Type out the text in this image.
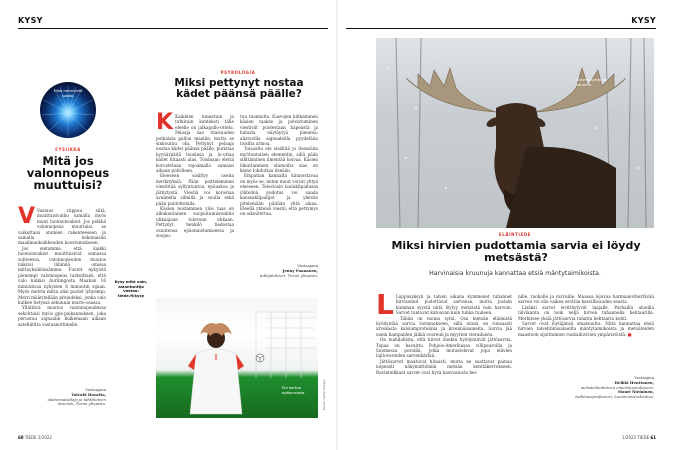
KYSY	KYSY
Mitat mennisivät uusiksi.
FYSIIKKA
Mitä jos valonnopeus muuttuisi?
V Vastaus riippuu siitä, muuttuisivatko samalla myös muut luonnonvakiot. Jos pelkkä valonnopeus muuttuisi, se vaikuttaisi atomien rakenteeseen ja samalla kokonaisiin maailmankaikkeuden koostumukseen.

Jos oletamme, että kaikki luonnonvakiot muuttuisivat samassa suhteessa, valonnopeuden muutos näkyisi lähinnä omissa mittayksiköissämme. Fuotet nykyistä pienempi valonnopeus tarkoittaisi, että valo kulkisi Aurinngosta Maahan 16 minuutissa nykyisen 8 minuutin sijaan. Myös metrin mitta olisi puolet lyhyempi. Metri määritellään pituudeksi, jonka valo kulkee tietyssä sekunnin murto-osassa.

Yllättävä muutos valonnopeudessa sekoittaisi myös gps-paikannuksen, joka perustuu signaalin kulkemaan aikaan satelliitilta vastaanottimelle.

Vastaajana
Toivoki Hovatto,
akatemiatutkija ja tähtitieteen dosentti, Turun yliopisto.
PSYKOLOGIA
Miksi pettynyt nostaa kädet päänsä päälle?
K Kaikkien tunnetuin ja tutkituin konteksti tälle eleelle on jalkapallo-ottelu. Pelaaja saa tilaisuuden potkaista pallon maaliin, mutta se sinkoutuu ohi. Pettynyt pelaaja nostaa kädet päänsä päälle, puristaa kyynärpäitä toisiinsa ja lu-uttaa kädet hitaasti alas. Toisinaan elettä korostetaan vajoamalla samaan aikaan polvilleen.

Eleeseen sisältyy useita merkityksiä. Pään peitteleminen viestittää syllyntuntoa, epäuskoa ja järkytystä. Viestiä voi korostaa avaimella silmillä ja suulla sekä pään puidottelulla.

Käsien nostaminen ylös taas on alkukantainen suojautumisreaktio uhkaajaan tulevaan uhkaan. Pettynyt henkilö tiedostaa osuutensa epäonnistumisessa ja suojau-

tuu tuomiolta. Kasvojen kätkeminen käsien taakse ja polvistuminen viestivät puolestaan häpeästä ja halusta näytäytyä pienenä: alistuvilla signaaleilla pyydetään toisilta armoa.

Toisaalta ele sisältää jo itsessään myötuntoisen elementin, sillä pään silittäminen ilmentää hoivaa. Käsien liikuttaminen ohimoilta alas on keino lohduttaa itseään.

Empatian kannalta kiinnostavaa on myös se, miten muut voivat yhtyä eleeseen. Televiosin laulukilpailussa ylätelinä pudotus voi saada kanssakilpailijat ja yleisön pitelemään päitään yhtä aikaa. Eleellä yhteisö viestii, että pettymys on oikeutettua.

Vastaajana
Jenny Paananen,
tutkijatohtori, Turun yliopisto.
Kysy mitä vain, asiantuntija vastaa: tiede.fi/kysy
Ele kertoo epäonnesta.	Kuvat: Getty Images
Sarvet syyskuun sarvelle.
ELÄINTIEDE
Miksi hirvien pudottamia sarvia ei löydy metsästä?
Harvinaisia kruunuja kannattaa etsiä mäntytaimikoista.
L Loppusyksyn ja talven aikana kymmenet tuhannet hirvisonnit pudottavat sarvensa, mutta jostain kumman syystä niitä löytyy metsästä vain harvoin. Sarvet tuntuvat katoavan kuin tuhka tuuleen.

Tähän on monia syitä. Osa metsän eläimistä hyödyntää sarvia ravinnokseen, sillä niissä on runsaasti arvokasta kalsiumproteiinia ja kivennäisaineita. Sarvia jää usein hampaiden jälkiä ovareun ja myyrien vierailuista.

On mahdollista, että hirvet itsekin hyödyntävät jättösarvia. Tapaa on havaittu Pohjois-Amerikassa villipeuroilla ja Suomessa poroilla, jotka mutustelevat jopa elävien lajitovereiden sarvenkärkiä.

Jättösarvet maatuvat hitaasti, mutta ne saattavat painua nopeasti näkymättömiin metsän kenttäkerrokseen. Ravinteikkaat sarvet ovat hyvä kasvualusta hei-

nille, ruoholle ja varvuille. Maassa lojuvaa harmaanvihertävää sarvea voi olla vaikea erottaa kasvillisuuden seasta.

Lisäksi sarvet levittäytyvät laajalle. Parhailla alueilla talvikanta on noin neljä hirveä tuhannella hehtaarilla. Merkitsee yksiä jättösarvia tuhatta hehtaaria kohti.

Sarvet ovat löytäjänsä omaisuutta. Niitä kannattaa etsiä hirvien talvehtimisalueilta mäntytaimikoista ja metsäteiden maastoon sijoittamien ruokailuvirien ympäristöstä. ■

Vastaajina
Heikki Henttonen,
metsäeläintieteen emeritusprofessori,
Mauri Nieminen,
tutkimusprofessori, Luonnonvarakeskus.
60 TIEDE 1/2022	1/2022 TIEDE 61
